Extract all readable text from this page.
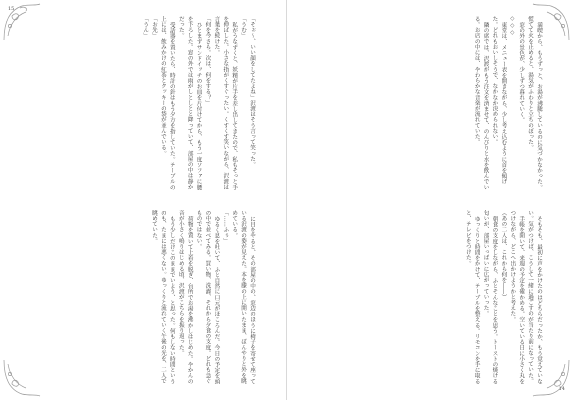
15

「そぉ～、いい顔をしてたよね」沢渡はそう言って笑った。

「うむ」

私がうなずくと、妖精が片手を差し出してきたので、私もそっと手を伸ばした。小さな指がくすぐったい。くすくす笑いながら、沢渡は言葉を続けた。

「何を今さら。次は、何をする？」

ひとまずサンドイッチのお皿を片付けてから、もう一度ソファに腰を下ろした。窓の外では雨がしとしとと降っていて、部屋の中は静かだった。

受話器を置いたら、時計の針はもう夕方を指していた。テーブルの上には、飲みかけの紅茶とクッキーの袋が並んでいる。

「お先」

「うん」

に目をやると、その部屋の中の、窓辺のほうに椅子を寄せて座っている沢渡の姿が見えた。本を膝の上に開いたまま、ぼんやりと外を眺めている。

「……ふぅ」

ゆるく息を吐いて、ふと自然に口元がほころんだ。今日の予定を頭の中で並べてみる。買い物、洗濯、それから夕食の支度。どれも急ぐものではない。

荷物を置いて上着を脱ぎ、台所でお湯を沸かしはじめた。やかんの音が小さく鳴りはじめる頃、沢渡がこちらを振り返った。

もう少しだけこのままでいよう、と思った。何もしない時間というのも、たまには悪くない。ゆっくりと流れていく午後の光を、二人で眺めていた。

14

満喫から、もうずっと、お湯が沸騰しているのに気づかなかった。慌てて火を止めると、湯気がふわりと立ちのぼった。

窓の外の景色が、少しずつ暮れていく。

◇◇◇

東堂は、メニュー表を開きながら、少し考え込むように首を傾げた。どれもおいしそうで、なかなか決められない。

隣の席では、沢渡がもう注文を済ませて、のんびりと水を飲んでいる。お店の中には、やわらかな音楽が流れていた。

そもそも、最初に声をかけたのはどちらだったか、もう覚えていない。気がつけば、こうして一緒に過ごすのが当たり前になっていた。

手帳を開いて、来週の予定を確かめる。空いている日に小さく丸をつけながら、どこへ出かけようかと考えた。

（あの二人は、これから何を――）

朝食の支度をしながら、ふとそんなことを思う。トーストの焼ける匂いが、部屋いっぱいに広がっていった。

ゆっくりと時間をかけて、テーブルを整える。リモコンを手に取ると、テレビをつけた。
